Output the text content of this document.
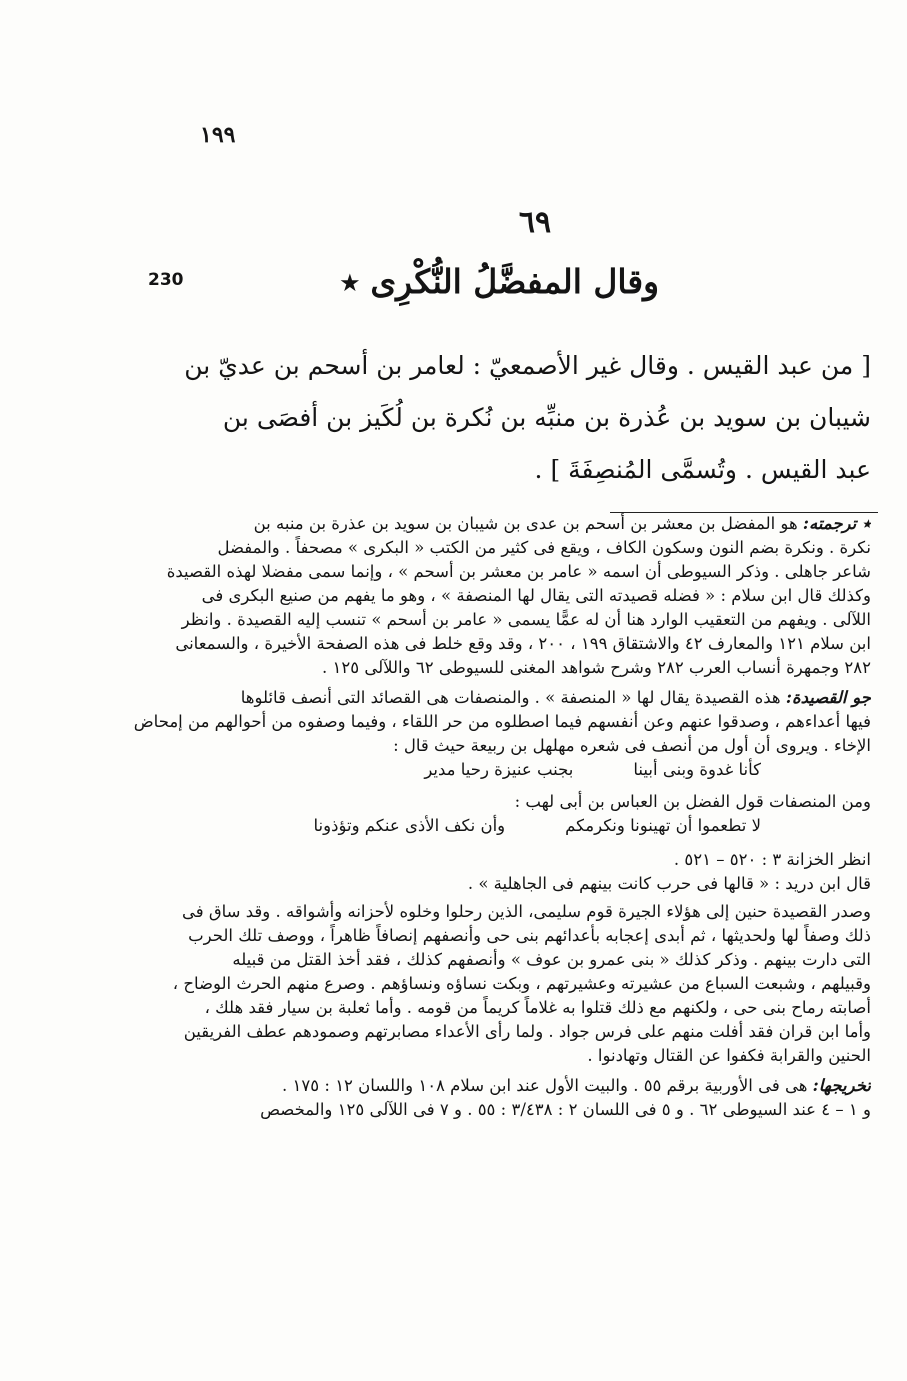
١٩٩
٦٩
230	وقال المفضَّلُ النُّكْرِى ٭
[ من عبد القيس . وقال غير الأصمعيّ : لعامر بن أسحم بن عديّ بن
شيبان بن سويد بن عُذرة بن منبِّه بن نُكرة بن لُكَيز بن أفصَى بن
عبد القيس . وتُسمَّى المُنصِفَةَ ] .
٭ ترجمته: هو المفضل بن معشر بن أسحم بن عدى بن شيبان بن سويد بن عذرة بن منبه بن
نكرة . ونكرة بضم النون وسكون الكاف ، ويقع فى كثير من الكتب « البكرى » مصحفاً . والمفضل
شاعر جاهلى . وذكر السيوطى أن اسمه « عامر بن معشر بن أسحم » ، وإنما سمى مفضلا لهذه القصيدة
وكذلك قال ابن سلام : « فضله قصيدته التى يقال لها المنصفة » ، وهو ما يفهم من صنيع البكرى فى
اللآلى . ويفهم من التعقيب الوارد هنا أن له عمًّا يسمى « عامر بن أسحم » تنسب إليه القصيدة . وانظر
ابن سلام ١٢١ والمعارف ٤٢ والاشتقاق ١٩٩ ، ٢٠٠ ، وقد وقع خلط فى هذه الصفحة الأخيرة ، والسمعانى
٢٨٢ وجمهرة أنساب العرب ٢٨٢ وشرح شواهد المغنى للسيوطى ٦٢ واللآلى ١٢٥ .
جو القصيدة: هذه القصيدة يقال لها « المنصفة » . والمنصفات هى القصائد التى أنصف قائلوها
فيها أعداءهم ، وصدقوا عنهم وعن أنفسهم فيما اصطلوه من حر اللقاء ، وفيما وصفوه من أحوالهم من إمحاض
الإخاء . ويروى أن أول من أنصف فى شعره مهلهل بن ربيعة حيث قال :
كأنا غدوة وبنى أبينابجنب عنيزة رحيا مدير
ومن المنصفات قول الفضل بن العباس بن أبى لهب :
لا تطعموا أن تهينونا ونكرمكموأن نكف الأذى عنكم وتؤذونا
انظر الخزانة ٣ : ٥٢٠ – ٥٢١ .
قال ابن دريد : « قالها فى حرب كانت بينهم فى الجاهلية » .
وصدر القصيدة حنين إلى هؤلاء الجيرة قوم سليمى، الذين رحلوا وخلوه لأحزانه وأشواقه . وقد ساق فى
ذلك وصفاً لها ولحديثها ، ثم أبدى إعجابه بأعدائهم بنى حى وأنصفهم إنصافاً ظاهراً ، ووصف تلك الحرب
التى دارت بينهم . وذكر كذلك « بنى عمرو بن عوف » وأنصفهم كذلك ، فقد أخذ القتل من قبيله
وقبيلهم ، وشبعت السباع من عشيرته وعشيرتهم ، وبكت نساؤه ونساؤهم . وصرع منهم الحرث الوضاح ،
أصابته رماح بنى حى ، ولكنهم مع ذلك قتلوا به غلاماً كريماً من قومه . وأما ثعلبة بن سيار فقد هلك ،
وأما ابن قران فقد أفلت منهم على فرس جواد . ولما رأى الأعداء مصابرتهم وصمودهم عطف الفريقين
الحنين والقرابة فكفوا عن القتال وتهادنوا .
تخريجها: هى فى الأوربية برقم ٥٥ . والبيت الأول عند ابن سلام ١٠٨ واللسان ١٢ : ١٧٥ .
و ١ – ٤ عند السيوطى ٦٢ . و ٥ فى اللسان ٢ : ٣/٤٣٨ : ٥٥ . و ٧ فى اللآلى ١٢٥ والمخصص
